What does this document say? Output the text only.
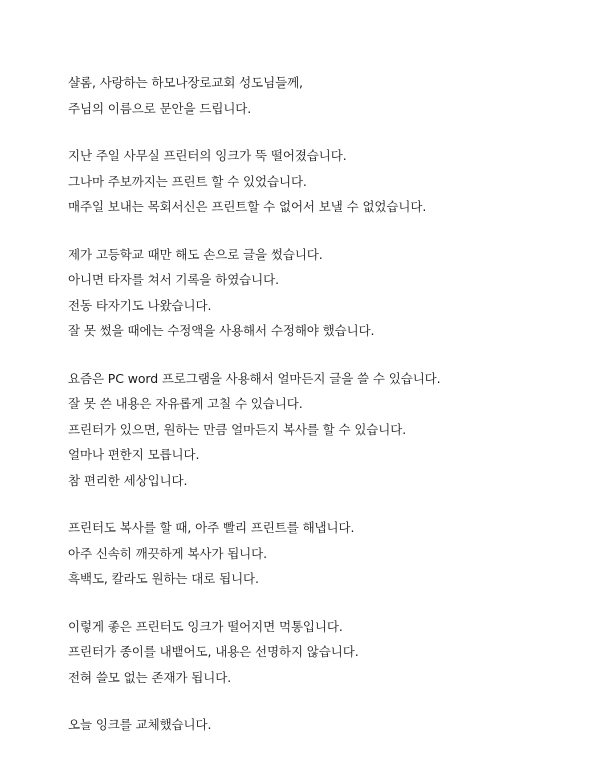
샬롬, 사랑하는 하모나장로교회 성도님들께,
주님의 이름으로 문안을 드립니다.
지난 주일 사무실 프린터의 잉크가 뚝 떨어졌습니다.
그나마 주보까지는 프린트 할 수 있었습니다.
매주일 보내는 목회서신은 프린트할 수 없어서 보낼 수 없었습니다.
제가 고등학교 때만 해도 손으로 글을 썼습니다.
아니면 타자를 쳐서 기록을 하였습니다.
전동 타자기도 나왔습니다.
잘 못 썼을 때에는 수정액을 사용해서 수정해야 했습니다.
요즘은 PC word 프로그램을 사용해서 얼마든지 글을 쓸 수 있습니다.
잘 못 쓴 내용은 자유롭게 고칠 수 있습니다.
프린터가 있으면, 원하는 만큼 얼마든지 복사를 할 수 있습니다.
얼마나 편한지 모릅니다.
참 편리한 세상입니다.
프린터도 복사를 할 때, 아주 빨리 프린트를 해냅니다.
아주 신속히 깨끗하게 복사가 됩니다.
흑백도, 칼라도 원하는 대로 됩니다.
이렇게 좋은 프린터도 잉크가 떨어지면 먹통입니다.
프린터가 종이를 내뱉어도, 내용은 선명하지 않습니다.
전혀 쓸모 없는 존재가 됩니다.
오늘 잉크를 교체했습니다.
